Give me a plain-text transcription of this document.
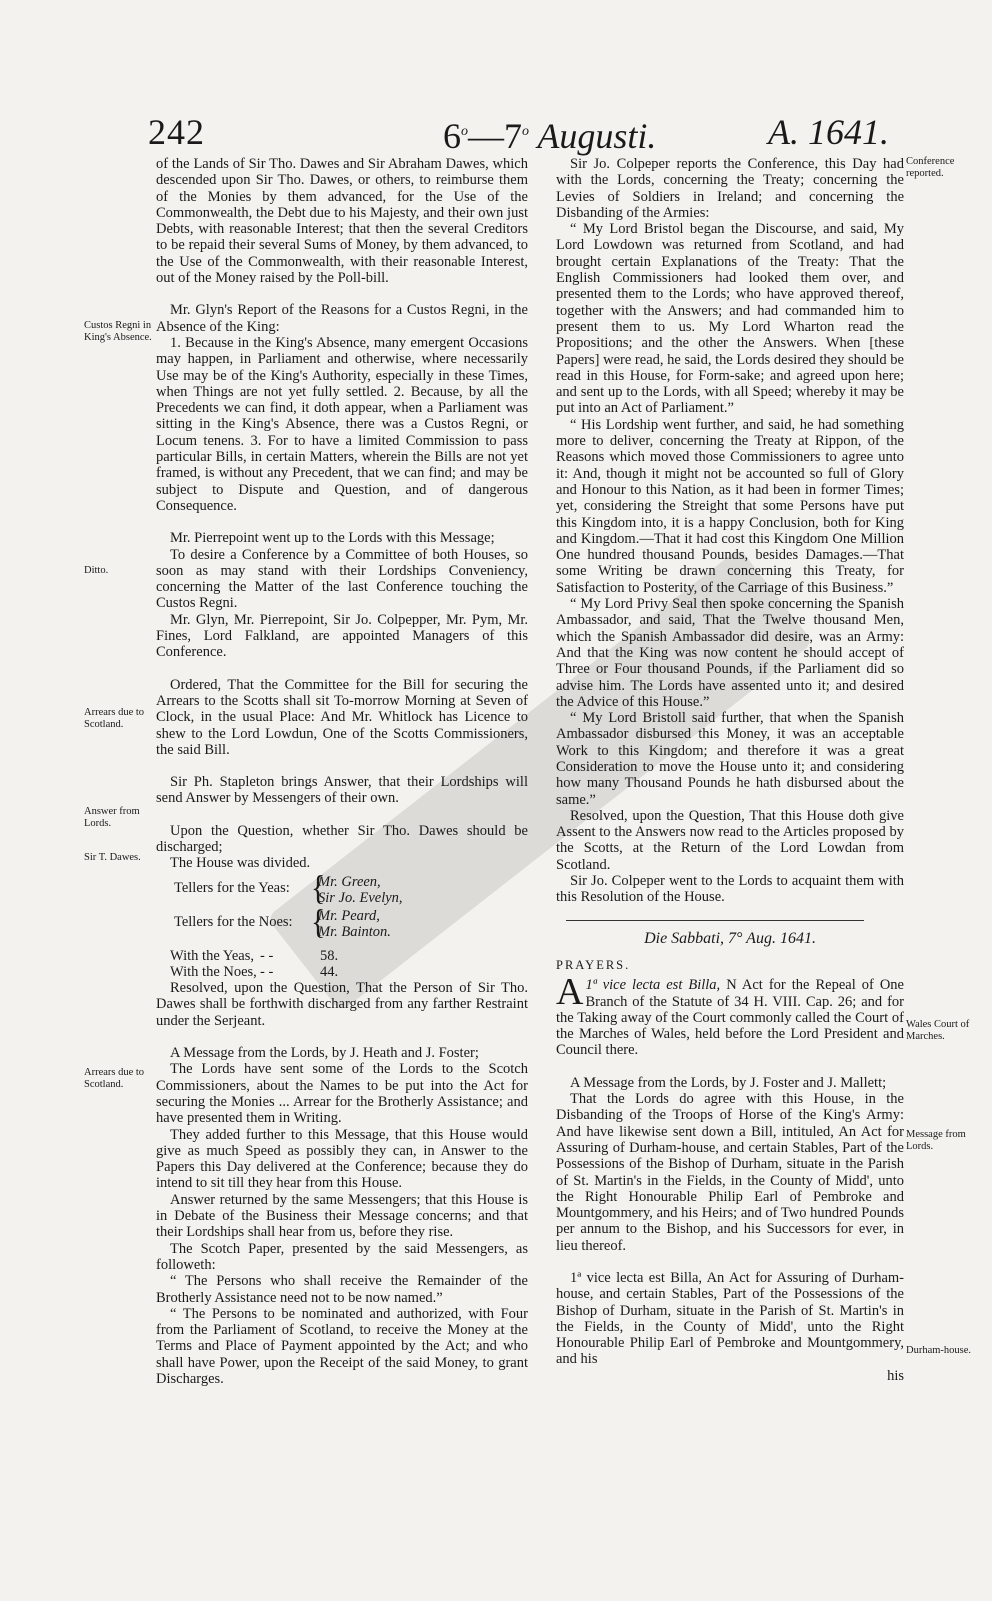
242	6$^o$—7$^o$ Augusti.	A. 1641.
Custos Regni in King's Absence.
Ditto.
Arrears due to Scotland.
Answer from Lords.
Sir T. Dawes.
Arrears due to Scotland.
Conference reported.
Wales Court of Marches.
Message from Lords.
Durham-house.

of the Lands of Sir Tho. Dawes and Sir Abraham Dawes, which descended upon Sir Tho. Dawes, or others, to reimburse them of the Monies by them advanced, for the Use of the Commonwealth, the Debt due to his Majesty, and their own just Debts, with reasonable Interest; that then the several Creditors to be repaid their several Sums of Money, by them advanced, to the Use of the Commonwealth, with their reasonable Interest, out of the Money raised by the Poll-bill.

Mr. Glyn's Report of the Reasons for a Custos Regni, in the Absence of the King:

1. Because in the King's Absence, many emergent Occasions may happen, in Parliament and otherwise, where necessarily Use may be of the King's Authority, especially in these Times, when Things are not yet fully settled. 2. Because, by all the Precedents we can find, it doth appear, when a Parliament was sitting in the King's Absence, there was a Custos Regni, or Locum tenens. 3. For to have a limited Commission to pass particular Bills, in certain Matters, wherein the Bills are not yet framed, is without any Precedent, that we can find; and may be subject to Dispute and Question, and of dangerous Consequence.

Mr. Pierrepoint went up to the Lords with this Message;

To desire a Conference by a Committee of both Houses, so soon as may stand with their Lordships Conveniency, concerning the Matter of the last Conference touching the Custos Regni.

Mr. Glyn, Mr. Pierrepoint, Sir Jo. Colpepper, Mr. Pym, Mr. Fines, Lord Falkland, are appointed Managers of this Conference.

Ordered, That the Committee for the Bill for securing the Arrears to the Scotts shall sit To-morrow Morning at Seven of Clock, in the usual Place: And Mr. Whitlock has Licence to shew to the Lord Lowdun, One of the Scotts Commissioners, the said Bill.

Sir Ph. Stapleton brings Answer, that their Lordships will send Answer by Messengers of their own.

Upon the Question, whether Sir Tho. Dawes should be discharged;

The House was divided.

Tellers for the Yeas: {
Mr. Green,
Sir Jo. Evelyn,
Tellers for the Noes: {
Mr. Peard,
Mr. Bainton.
With the Yeas, - -	58.
With the Noes, - -	44.

Resolved, upon the Question, That the Person of Sir Tho. Dawes shall be forthwith discharged from any farther Restraint under the Serjeant.

A Message from the Lords, by J. Heath and J. Foster;

The Lords have sent some of the Lords to the Scotch Commissioners, about the Names to be put into the Act for securing the Monies ... Arrear for the Brotherly Assistance; and have presented them in Writing.

They added further to this Message, that this House would give as much Speed as possibly they can, in Answer to the Papers this Day delivered at the Conference; because they do intend to sit till they hear from this House.

Answer returned by the same Messengers; that this House is in Debate of the Business their Message concerns; and that their Lordships shall hear from us, before they rise.

The Scotch Paper, presented by the said Messengers, as followeth:

“ The Persons who shall receive the Remainder of the Brotherly Assistance need not to be now named.”

“ The Persons to be nominated and authorized, with Four from the Parliament of Scotland, to receive the Money at the Terms and Place of Payment appointed by the Act; and who shall have Power, upon the Receipt of the said Money, to grant Discharges.

Sir Jo. Colpeper reports the Conference, this Day had with the Lords, concerning the Treaty; concerning the Levies of Soldiers in Ireland; and concerning the Disbanding of the Armies:

“ My Lord Bristol began the Discourse, and said, My Lord Lowdown was returned from Scotland, and had brought certain Explanations of the Treaty: That the English Commissioners had looked them over, and presented them to the Lords; who have approved thereof, together with the Answers; and had commanded him to present them to us. My Lord Wharton read the Propositions; and the other the Answers. When [these Papers] were read, he said, the Lords desired they should be read in this House, for Form-sake; and agreed upon here; and sent up to the Lords, with all Speed; whereby it may be put into an Act of Parliament.”

“ His Lordship went further, and said, he had something more to deliver, concerning the Treaty at Rippon, of the Reasons which moved those Commissioners to agree unto it: And, though it might not be accounted so full of Glory and Honour to this Nation, as it had been in former Times; yet, considering the Streight that some Persons have put this Kingdom into, it is a happy Conclusion, both for King and Kingdom.—That it had cost this Kingdom One Million One hundred thousand Pounds, besides Damages.—That some Writing be drawn concerning this Treaty, for Satisfaction to Posterity, of the Carriage of this Business.”

“ My Lord Privy Seal then spoke concerning the Spanish Ambassador, and said, That the Twelve thousand Men, which the Spanish Ambassador did desire, was an Army: And that the King was now content he should accept of Three or Four thousand Pounds, if the Parliament did so advise him. The Lords have assented unto it; and desired the Advice of this House.”

“ My Lord Bristoll said further, that when the Spanish Ambassador disbursed this Money, it was an acceptable Work to this Kingdom; and therefore it was a great Consideration to move the House unto it; and considering how many Thousand Pounds he hath disbursed about the same.”

Resolved, upon the Question, That this House doth give Assent to the Answers now read to the Articles proposed by the Scotts, at the Return of the Lord Lowdan from Scotland.

Sir Jo. Colpeper went to the Lords to acquaint them with this Resolution of the House.

Die Sabbati, 7° Aug. 1641.
PRAYERS.

1ª vice lecta est Billa,
A	N Act for the Repeal of One Branch of the Statute of 34 H. VIII. Cap. 26; and for the Taking away of the Court commonly called the Court of the Marches of Wales, held before the Lord President and Council there.

A Message from the Lords, by J. Foster and J. Mallett;

That the Lords do agree with this House, in the Disbanding of the Troops of Horse of the King's Army: And have likewise sent down a Bill, intituled, An Act for Assuring of Durham-house, and certain Stables, Part of the Possessions of the Bishop of Durham, situate in the Parish of St. Martin's in the Fields, in the County of Midd', unto the Right Honourable Philip Earl of Pembroke and Mountgommery, and his Heirs; and of Two hundred Pounds per annum to the Bishop, and his Successors for ever, in lieu thereof.

1ª vice lecta est Billa, An Act for Assuring of Durham-house, and certain Stables, Part of the Possessions of the Bishop of Durham, situate in the Parish of St. Martin's in the Fields, in the County of Midd', unto the Right Honourable Philip Earl of Pembroke and Mountgommery, and his

his
